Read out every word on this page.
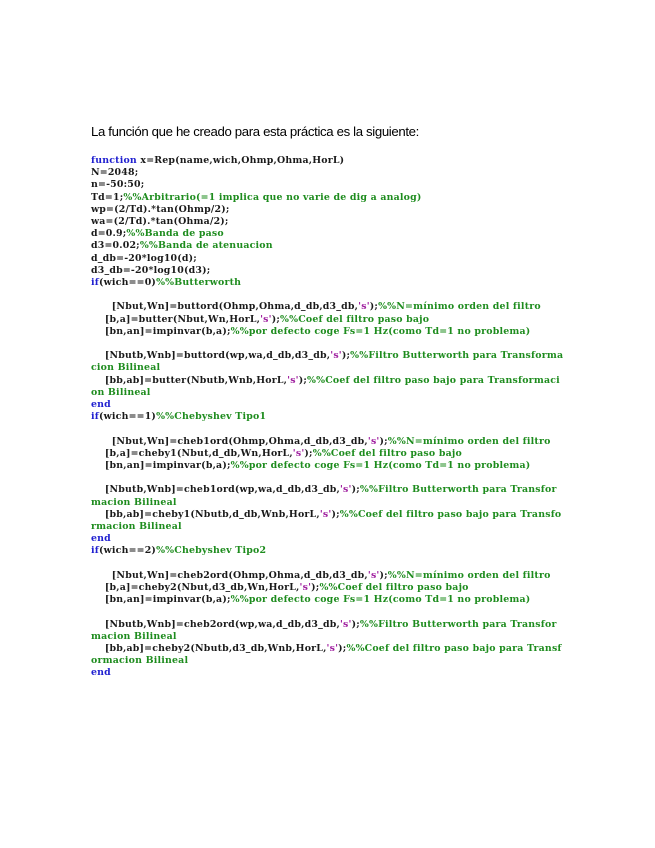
La función que he creado para esta práctica es la siguiente:
function x=Rep(name,wich,Ohmp,Ohma,HorL)
N=2048;
n=-50:50;
Td=1;%%Arbitrario(=1 implica que no varie de dig a analog)
wp=(2/Td).*tan(Ohmp/2);
wa=(2/Td).*tan(Ohma/2);
d=0.9;%%Banda de paso
d3=0.02;%%Banda de atenuacion
d_db=-20*log10(d);
d3_db=-20*log10(d3);
if(wich==0)%%Butterworth
[Nbut,Wn]=buttord(Ohmp,Ohma,d_db,d3_db,'s');%%N=mínimo orden del filtro
[b,a]=butter(Nbut,Wn,HorL,'s');%%Coef del filtro paso bajo
[bn,an]=impinvar(b,a);%%por defecto coge Fs=1 Hz(como Td=1 no problema)
[Nbutb,Wnb]=buttord(wp,wa,d_db,d3_db,'s');%%Filtro Butterworth para Transformacion Bilineal
[bb,ab]=butter(Nbutb,Wnb,HorL,'s');%%Coef del filtro paso bajo para Transformacion Bilineal
end
if(wich==1)%%Chebyshev Tipo1
[Nbut,Wn]=cheb1ord(Ohmp,Ohma,d_db,d3_db,'s');%%N=mínimo orden del filtro
[b,a]=cheby1(Nbut,d_db,Wn,HorL,'s');%%Coef del filtro paso bajo
[bn,an]=impinvar(b,a);%%por defecto coge Fs=1 Hz(como Td=1 no problema)
[Nbutb,Wnb]=cheb1ord(wp,wa,d_db,d3_db,'s');%%Filtro Butterworth para Transformacion Bilineal
[bb,ab]=cheby1(Nbutb,d_db,Wnb,HorL,'s');%%Coef del filtro paso bajo para Transformacion Bilineal
end
if(wich==2)%%Chebyshev Tipo2
[Nbut,Wn]=cheb2ord(Ohmp,Ohma,d_db,d3_db,'s');%%N=mínimo orden del filtro
[b,a]=cheby2(Nbut,d3_db,Wn,HorL,'s');%%Coef del filtro paso bajo
[bn,an]=impinvar(b,a);%%por defecto coge Fs=1 Hz(como Td=1 no problema)
[Nbutb,Wnb]=cheb2ord(wp,wa,d_db,d3_db,'s');%%Filtro Butterworth para Transformacion Bilineal
[bb,ab]=cheby2(Nbutb,d3_db,Wnb,HorL,'s');%%Coef del filtro paso bajo para Transformacion Bilineal
end
